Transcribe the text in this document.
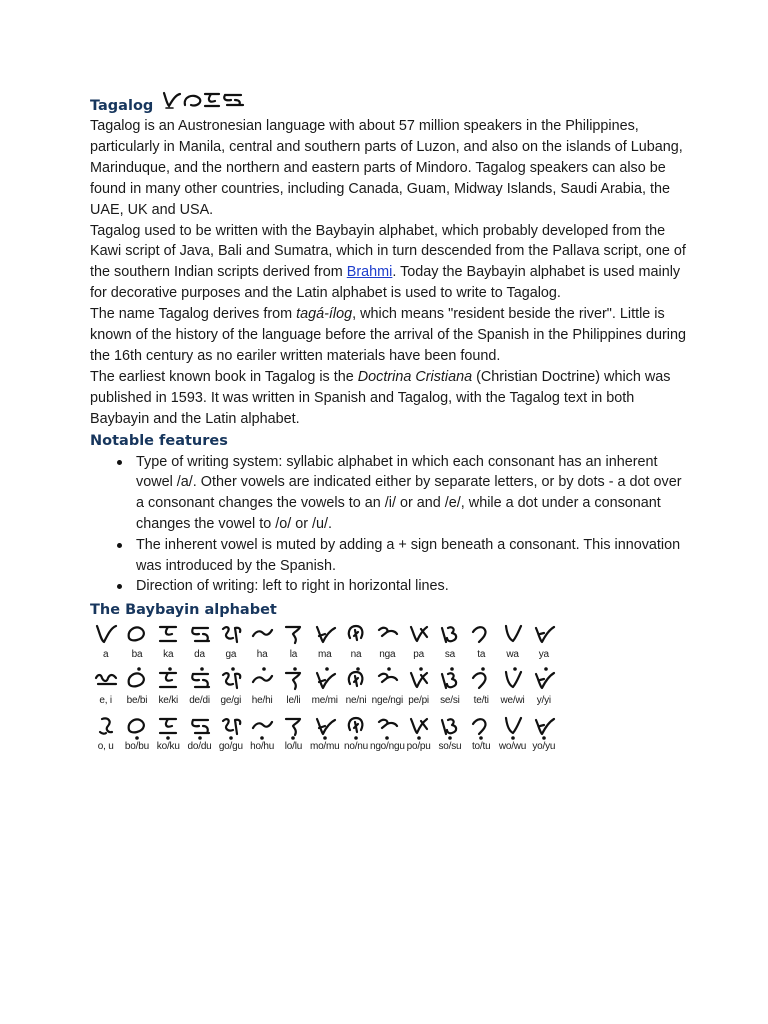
Tagalog

Tagalog is an Austronesian language with about 57 million speakers in the Philippines, particularly in Manila, central and southern parts of Luzon, and also on the islands of Lubang, Marinduque, and the northern and eastern parts of Mindoro. Tagalog speakers can also be found in many other countries, including Canada, Guam, Midway Islands, Saudi Arabia, the UAE, UK and USA.

Tagalog used to be written with the Baybayin alphabet, which probably developed from the Kawi script of Java, Bali and Sumatra, which in turn descended from the Pallava script, one of the southern Indian scripts derived from Brahmi. Today the Baybayin alphabet is used mainly for decorative purposes and the Latin alphabet is used to write to Tagalog.

The name Tagalog derives from tagá-ílog, which means "resident beside the river". Little is known of the history of the language before the arrival of the Spanish in the Philippines during the 16th century as no eariler written materials have been found.

The earliest known book in Tagalog is the Doctrina Cristiana (Christian Doctrine) which was published in 1593. It was written in Spanish and Tagalog, with the Tagalog text in both Baybayin and the Latin alphabet.

Notable features
Type of writing system: syllabic alphabet in which each consonant has an inherent vowel /a/. Other vowels are indicated either by separate letters, or by dots - a dot over a consonant changes the vowels to an /i/ or and /e/, while a dot under a consonant changes the vowel to /o/ or /u/.
The inherent vowel is muted by adding a + sign beneath a consonant. This innovation was introduced by the Spanish.
Direction of writing: left to right in horizontal lines.
The Baybayin alphabet
a ba ka da ga ha la ma na nga pa sa ta wa ya
e, i be/bi ke/ki de/di ge/gi he/hi le/li me/mi ne/ni nge/ngi pe/pi se/si te/ti we/wi y/yi
o, u bo/bu ko/ku do/du go/gu ho/hu lo/lu mo/mu no/nu ngo/ngu po/pu so/su to/tu wo/wu yo/yu
